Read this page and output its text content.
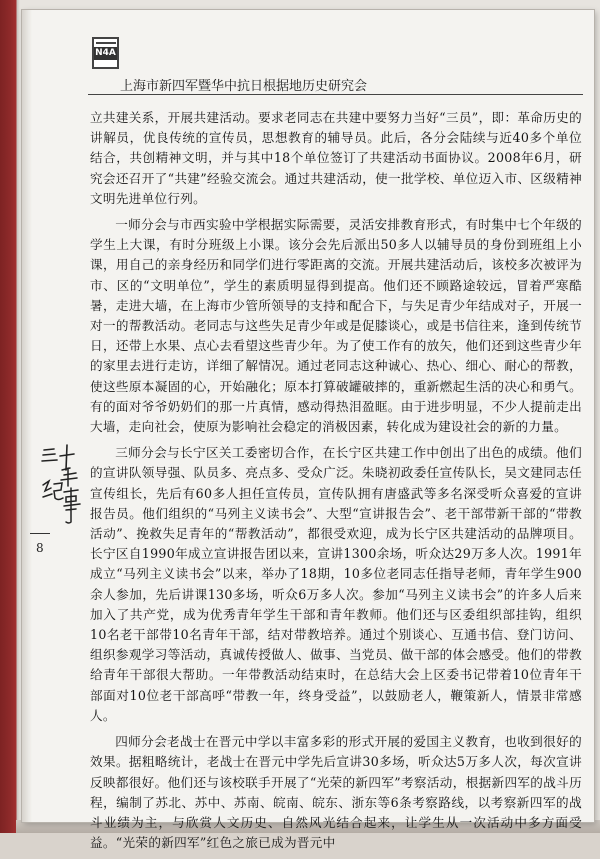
N4A
上海市新四军暨华中抗日根据地历史研究会

立共建关系，开展共建活动。要求老同志在共建中要努力当好“三员”，即：革命历史的讲解员，优良传统的宣传员，思想教育的辅导员。此后，各分会陆续与近40多个单位结合，共创精神文明，并与其中18个单位签订了共建活动书面协议。2008年6月，研究会还召开了“共建”经验交流会。通过共建活动，使一批学校、单位迈入市、区级精神文明先进单位行列。

一师分会与市西实验中学根据实际需要，灵活安排教育形式，有时集中七个年级的学生上大课，有时分班级上小课。该分会先后派出50多人以辅导员的身份到班组上小课，用自己的亲身经历和同学们进行零距离的交流。开展共建活动后，该校多次被评为市、区的“文明单位”，学生的素质明显得到提高。他们还不顾路途较远，冒着严寒酷暑，走进大墙，在上海市少管所领导的支持和配合下，与失足青少年结成对子，开展一对一的帮教活动。老同志与这些失足青少年或是促膝谈心，或是书信往来，逢到传统节日，还带上水果、点心去看望这些青少年。为了使工作有的放矢，他们还到这些青少年的家里去进行走访，详细了解情况。通过老同志这种诚心、热心、细心、耐心的帮教，使这些原本凝固的心，开始融化；原本打算破罐破摔的，重新燃起生活的决心和勇气。有的面对爷爷奶奶们的那一片真情，感动得热泪盈眶。由于进步明显，不少人提前走出大墙，走向社会，使原为影响社会稳定的消极因素，转化成为建设社会的新的力量。

三师分会与长宁区关工委密切合作，在长宁区共建工作中创出了出色的成绩。他们的宣讲队领导强、队员多、亮点多、受众广泛。朱晓初政委任宣传队长，吴文建同志任宣传组长，先后有60多人担任宣传员，宣传队拥有唐盛武等多名深受听众喜爱的宣讲报告员。他们组织的“马列主义读书会”、大型“宣讲报告会”、老干部带新干部的“带教活动”、挽救失足青年的“帮教活动”，都很受欢迎，成为长宁区共建活动的品牌项目。长宁区自1990年成立宣讲报告团以来，宣讲1300余场，听众达29万多人次。1991年成立“马列主义读书会”以来，举办了18期，10多位老同志任指导老师，青年学生900余人参加，先后讲课130多场，听众6万多人次。参加“马列主义读书会”的许多人后来加入了共产党，成为优秀青年学生干部和青年教师。他们还与区委组织部挂钩，组织10名老干部带10名青年干部，结对带教培养。通过个别谈心、互通书信、登门访问、组织参观学习等活动，真诚传授做人、做事、当党员、做干部的体会感受。他们的带教给青年干部很大帮助。一年带教活动结束时，在总结大会上区委书记带着10位青年干部面对10位老干部高呼“带教一年，终身受益”，以鼓励老人，鞭策新人，情景非常感人。

四师分会老战士在晋元中学以丰富多彩的形式开展的爱国主义教育，也收到很好的效果。据粗略统计，老战士在晋元中学先后宣讲30多场，听众达5万多人次，每次宣讲反映都很好。他们还与该校联手开展了“光荣的新四军”考察活动，根据新四军的战斗历程，编制了苏北、苏中、苏南、皖南、皖东、浙东等6条考察路线，以考察新四军的战斗业绩为主，与欣赏人文历史、自然风光结合起来，让学生从一次活动中多方面受益。“光荣的新四军”红色之旅已成为晋元中

8
